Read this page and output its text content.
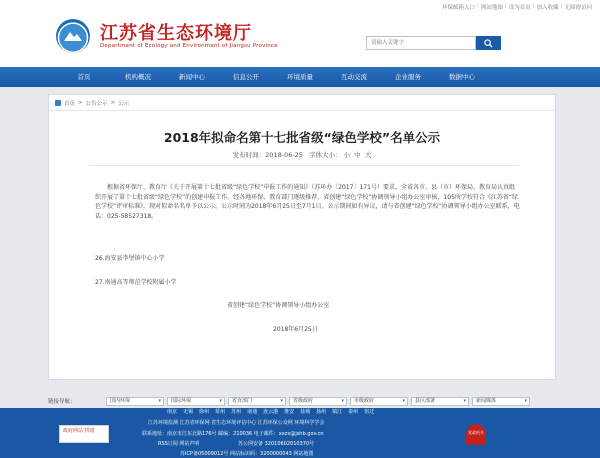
环保邮箱入口 | 网站地图 | 设为首页 | 加入收藏 | 无障碍访问
江苏省生态环境厅
Department of Ecology and Environment of Jiangsu Province
请输入关键字
首页	机构概况	新闻中心	信息公开	环境质量	互动交流	企业服务	数据中心
首页 > 公告公示 > 公示
2018年拟命名第十七批省级“绿色学校”名单公示
发布时间：2018-06-25 字体大小： 小 中 大
根据省环保厅、教育厅《关于开展第十七批省级“绿色学校”申报工作的通知》（苏环办〔2017〕171号）要求，全省各市、县（市）环保局、教育局认真组织开展了第十七批省级“绿色学校”的创建申报工作。经各地环保、教育部门逐级推荐，省创建“绿色学校”协调领导小组办公室审核，105所学校符合《江苏省“绿色学校”评审标准》，现对拟命名名单予以公示。公示时间为2018年6月25日至7月1日。公示期间如有异议，请与省创建“绿色学校”协调领导小组办公室联系，电话：025-58527318。
26.海安县李堡镇中心小学
27.南通高等师范学校附属小学
省创建“绿色学校”协调领导小组办公室
2018年6月25日
链接导航：	国内环保 ▾	国际环保 ▾	省直部门 ▾	省级政府 ▾	市级政府 ▾	县区部署 ▾	新闻媒体 ▾
南京 无锡 徐州 常州 苏州 南通 连云港 淮安 盐城 扬州 镇江 泰州 宿迁
江苏环境监测 江苏省环保网 省生态环境评估中心 江苏环保公众网 环境科学学会
联系地址：南京市江东北路176号 邮编：210036 电子邮件：xxzx@jshb.gov.cn
RSS订阅 网站声明	苏公网安备 32010602010370号
苏ICP备05009012号 网站标识码：3200000043 网站地图
政府网站 找错	党政机关
